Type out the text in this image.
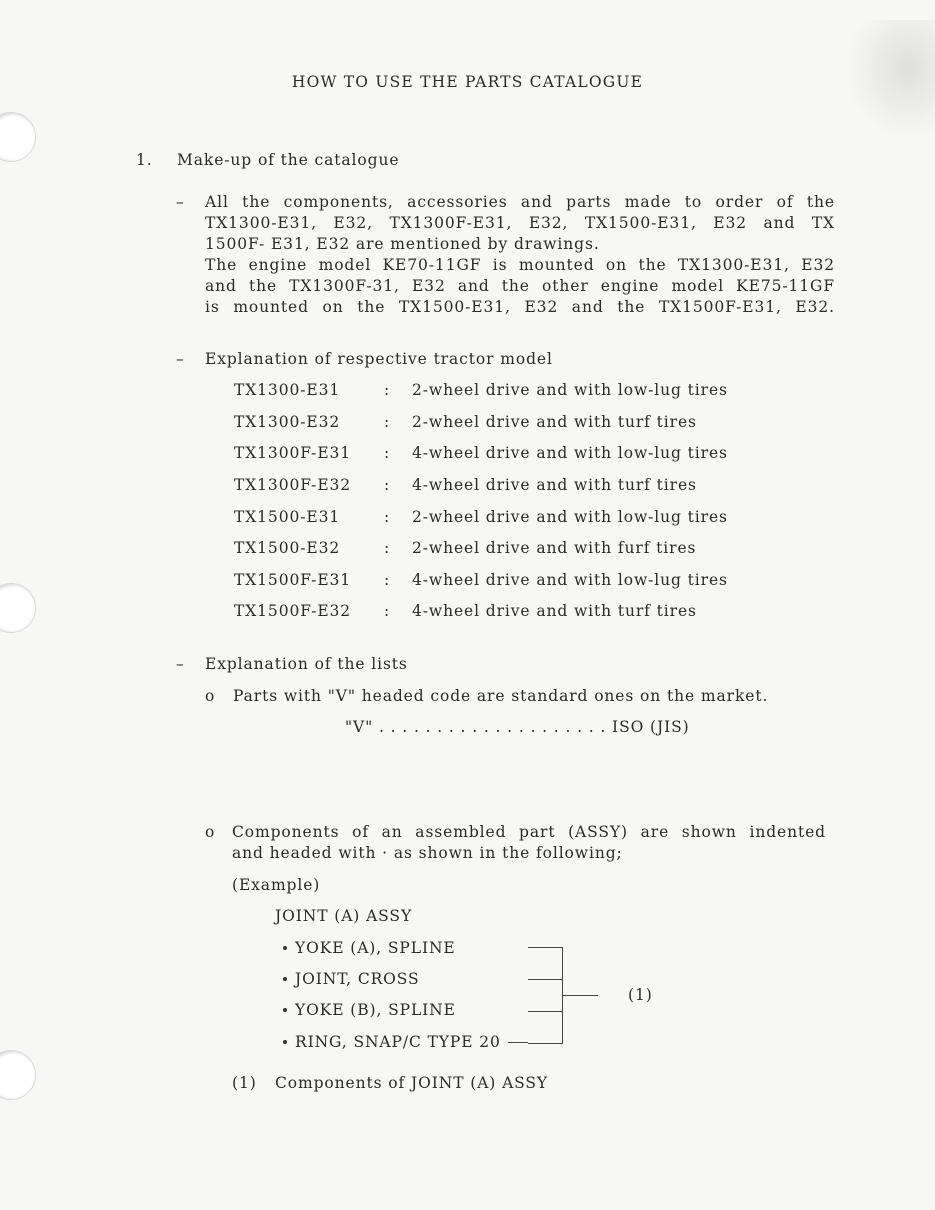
HOW TO USE THE PARTS CATALOGUE
1. Make-up of the catalogue
– All the components, accessories and parts made to order of the
TX1300-E31, E32, TX1300F-E31, E32, TX1500-E31, E32 and TX
1500F- E31, E32 are mentioned by drawings.
The engine model KE70-11GF is mounted on the TX1300-E31, E32
and the TX1300F-31, E32 and the other engine model KE75-11GF
is mounted on the TX1500-E31, E32 and the TX1500F-E31, E32.
– Explanation of respective tractor model
TX1300-E31	: 2-wheel drive and with low-lug tires
TX1300-E32	: 2-wheel drive and with turf tires
TX1300F-E31 : 4-wheel drive and with low-lug tires
TX1300F-E32 : 4-wheel drive and with turf tires
TX1500-E31	: 2-wheel drive and with low-lug tires
TX1500-E32	: 2-wheel drive and with furf tires
TX1500F-E31 : 4-wheel drive and with low-lug tires
TX1500F-E32 : 4-wheel drive and with turf tires
– Explanation of the lists
o Parts with "V" headed code are standard ones on the market.
"V" . . . . . . . . . . . . . . . . . . . . ISO (JIS)
o Components of an assembled part (ASSY) are shown indented
and headed with · as shown in the following;
(Example)
JOINT (A) ASSY
YOKE (A), SPLINE
JOINT, CROSS
YOKE (B), SPLINE
RING, SNAP/C TYPE 20
(1)
(1) Components of JOINT (A) ASSY
